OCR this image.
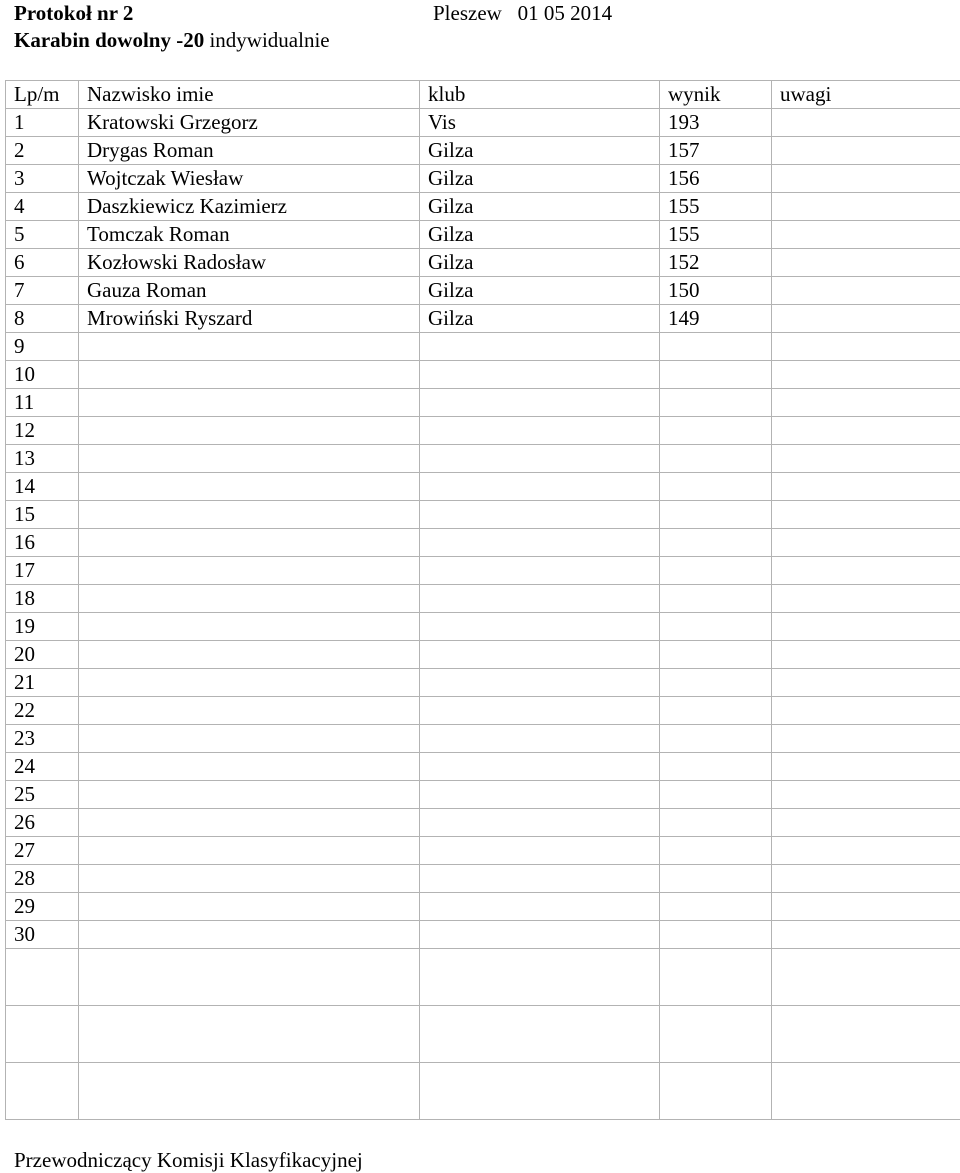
Protokoł nr 2	Pleszew   01 05 2014
Karabin dowolny -20 indywidualnie
Lp/m	Nazwisko imie	klub	wynik	uwagi
1	Kratowski Grzegorz	Vis	193	
2	Drygas Roman	Gilza	157	
3	Wojtczak Wiesław	Gilza	156	
4	Daszkiewicz Kazimierz	Gilza	155	
5	Tomczak Roman	Gilza	155	
6	Kozłowski Radosław	Gilza	152	
7	Gauza Roman	Gilza	150	
8	Mrowiński Ryszard	Gilza	149	
9				
10				
11				
12				
13				
14				
15				
16				
17				
18				
19				
20				
21				
22				
23				
24				
25				
26				
27				
28				
29				
30				

Przewodniczący Komisji Klasyfikacyjnej
